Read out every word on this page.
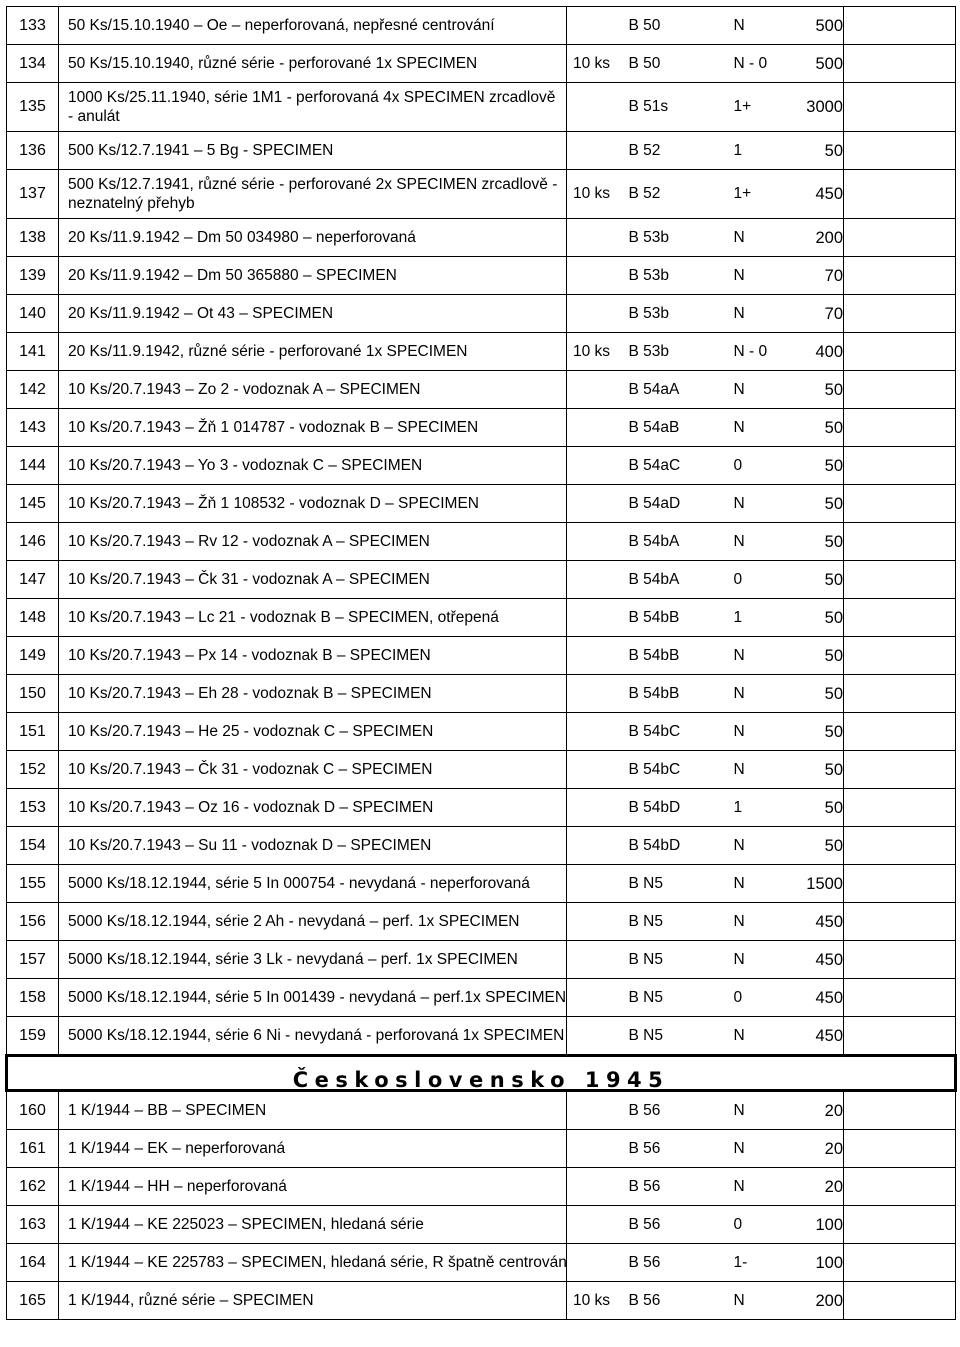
133	50 Ks/15.10.1940 – Oe – neperforovaná, nepřesné centrování		B 50	N	500	
134	50 Ks/15.10.1940, různé série - perforované 1x SPECIMEN	10 ks	B 50	N - 0	500	
135	1000 Ks/25.11.1940, série 1M1 - perforovaná 4x SPECIMEN zrcadlově - anulát		B 51s	1+	3000	
136	500 Ks/12.7.1941 – 5 Bg - SPECIMEN		B 52	1	50	
137	500 Ks/12.7.1941, různé série - perforované 2x SPECIMEN zrcadlově - neznatelný přehyb	10 ks	B 52	1+	450	
138	20 Ks/11.9.1942 – Dm 50 034980 – neperforovaná		B 53b	N	200	
139	20 Ks/11.9.1942 – Dm 50 365880 – SPECIMEN		B 53b	N	70	
140	20 Ks/11.9.1942 – Ot 43 – SPECIMEN		B 53b	N	70	
141	20 Ks/11.9.1942, různé série - perforované 1x SPECIMEN	10 ks	B 53b	N - 0	400	
142	10 Ks/20.7.1943 – Zo 2 - vodoznak A – SPECIMEN		B 54aA	N	50	
143	10 Ks/20.7.1943 – Žň 1 014787 - vodoznak B – SPECIMEN		B 54aB	N	50	
144	10 Ks/20.7.1943 – Yo 3 - vodoznak C – SPECIMEN		B 54aC	0	50	
145	10 Ks/20.7.1943 – Žň 1 108532 - vodoznak D – SPECIMEN		B 54aD	N	50	
146	10 Ks/20.7.1943 – Rv 12 - vodoznak A – SPECIMEN		B 54bA	N	50	
147	10 Ks/20.7.1943 – Čk 31 - vodoznak A – SPECIMEN		B 54bA	0	50	
148	10 Ks/20.7.1943 – Lc 21 - vodoznak B – SPECIMEN, otřepená		B 54bB	1	50	
149	10 Ks/20.7.1943 – Px 14 - vodoznak B – SPECIMEN		B 54bB	N	50	
150	10 Ks/20.7.1943 – Eh 28 - vodoznak B – SPECIMEN		B 54bB	N	50	
151	10 Ks/20.7.1943 – He 25 - vodoznak C – SPECIMEN		B 54bC	N	50	
152	10 Ks/20.7.1943 – Čk 31 - vodoznak C – SPECIMEN		B 54bC	N	50	
153	10 Ks/20.7.1943 – Oz 16 - vodoznak D – SPECIMEN		B 54bD	1	50	
154	10 Ks/20.7.1943 – Su 11 - vodoznak D – SPECIMEN		B 54bD	N	50	
155	5000 Ks/18.12.1944, série 5 In 000754 - nevydaná - neperforovaná		B N5	N	1500	
156	5000 Ks/18.12.1944, série 2 Ah - nevydaná – perf. 1x SPECIMEN		B N5	N	450	
157	5000 Ks/18.12.1944, série 3 Lk - nevydaná – perf. 1x SPECIMEN		B N5	N	450	
158	5000 Ks/18.12.1944, série 5 In 001439 - nevydaná – perf.1x SPECIMEN		B N5	0	450	
159	5000 Ks/18.12.1944, série 6 Ni - nevydaná - perforovaná 1x SPECIMEN		B N5	N	450	
Československo 1945						
160	1 K/1944 – BB – SPECIMEN		B 56	N	20	
161	1 K/1944 – EK – neperforovaná		B 56	N	20	
162	1 K/1944 – HH – neperforovaná		B 56	N	20	
163	1 K/1944 – KE 225023 – SPECIMEN, hledaná série		B 56	0	100	
164	1 K/1944 – KE 225783 – SPECIMEN, hledaná série, R špatně centrován		B 56	1-	100	
165	1 K/1944, různé série – SPECIMEN	10 ks	B 56	N	200	
